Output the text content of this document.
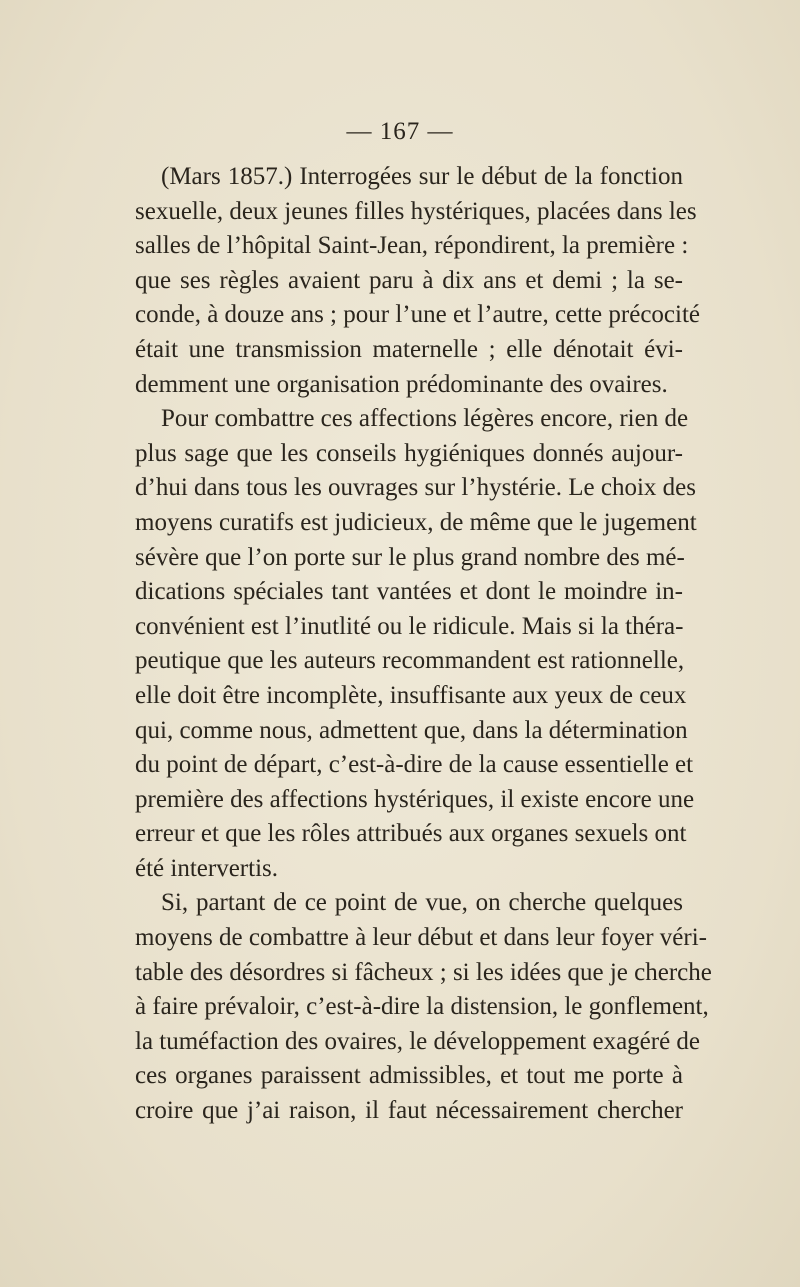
— 167 —
(Mars 1857.) Interrogées sur le début de la fonction
sexuelle, deux jeunes filles hystériques, placées dans les
salles de l’hôpital Saint-Jean, répondirent, la première :
que ses règles avaient paru à dix ans et demi ; la se-
conde, à douze ans ; pour l’une et l’autre, cette précocité
était une transmission maternelle ; elle dénotait évi-
demment une organisation prédominante des ovaires.
Pour combattre ces affections légères encore, rien de
plus sage que les conseils hygiéniques donnés aujour-
d’hui dans tous les ouvrages sur l’hystérie. Le choix des
moyens curatifs est judicieux, de même que le jugement
sévère que l’on porte sur le plus grand nombre des mé-
dications spéciales tant vantées et dont le moindre in-
convénient est l’inutlité ou le ridicule. Mais si la théra-
peutique que les auteurs recommandent est rationnelle,
elle doit être incomplète, insuffisante aux yeux de ceux
qui, comme nous, admettent que, dans la détermination
du point de départ, c’est-à-dire de la cause essentielle et
première des affections hystériques, il existe encore une
erreur et que les rôles attribués aux organes sexuels ont
été intervertis.
Si, partant de ce point de vue, on cherche quelques
moyens de combattre à leur début et dans leur foyer véri-
table des désordres si fâcheux ; si les idées que je cherche
à faire prévaloir, c’est-à-dire la distension, le gonflement,
la tuméfaction des ovaires, le développement exagéré de
ces organes paraissent admissibles, et tout me porte à
croire que j’ai raison, il faut nécessairement chercher
